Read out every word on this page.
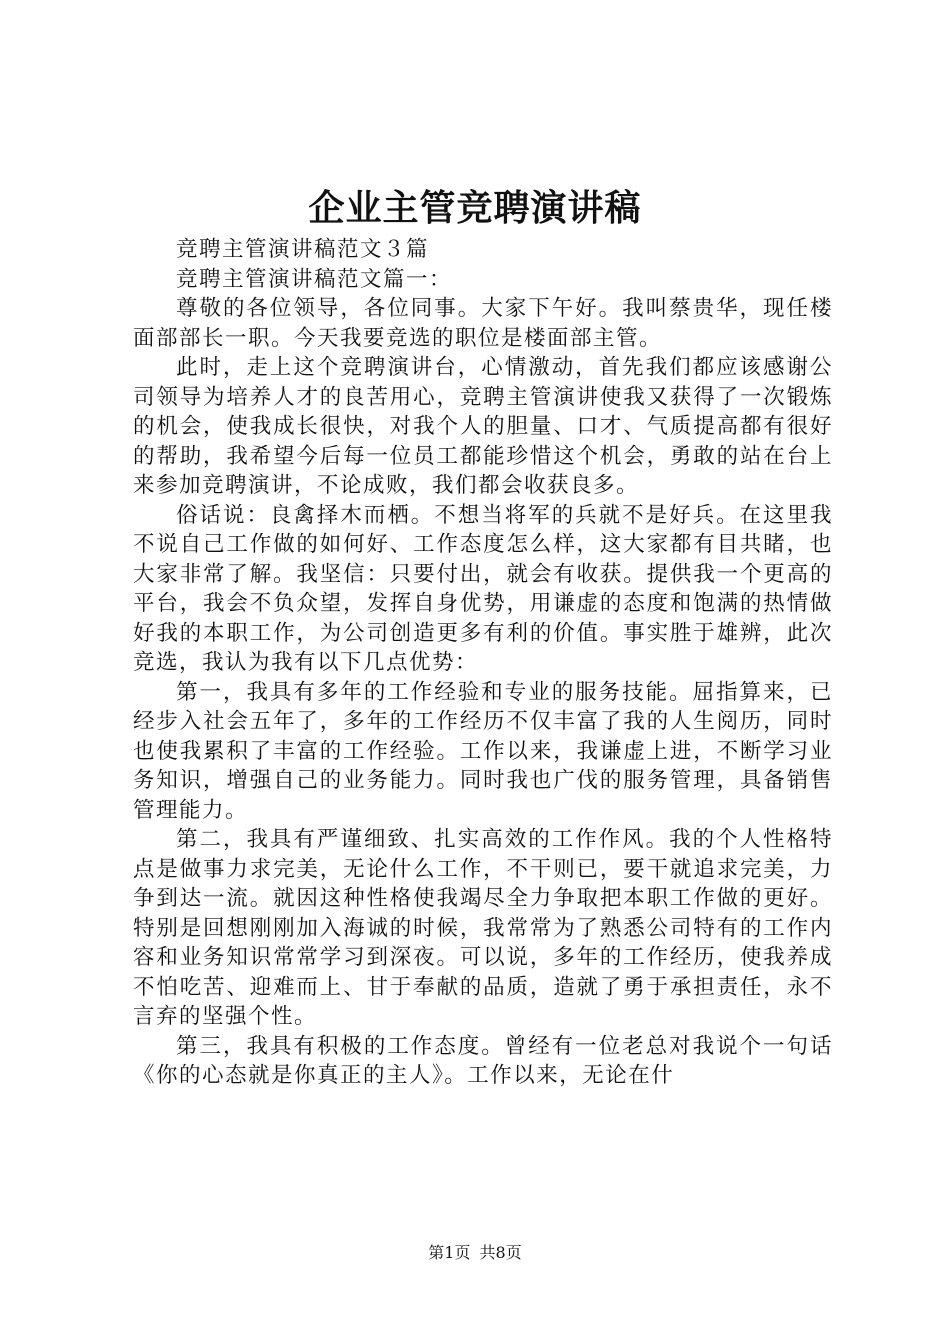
企业主管竞聘演讲稿

竞聘主管演讲稿范文３篇

竞聘主管演讲稿范文篇一：

尊敬的各位领导，各位同事。大家下午好。我叫蔡贵华，现任楼面部部长一职。今天我要竞选的职位是楼面部主管。

此时，走上这个竞聘演讲台，心情激动，首先我们都应该感谢公司领导为培养人才的良苦用心，竞聘主管演讲使我又获得了一次锻炼的机会，使我成长很快，对我个人的胆量、口才、气质提高都有很好的帮助，我希望今后每一位员工都能珍惜这个机会，勇敢的站在台上来参加竞聘演讲，不论成败，我们都会收获良多。

俗话说：良禽择木而栖。不想当将军的兵就不是好兵。在这里我不说自己工作做的如何好、工作态度怎么样，这大家都有目共睹，也大家非常了解。我坚信：只要付出，就会有收获。提供我一个更高的平台，我会不负众望，发挥自身优势，用谦虚的态度和饱满的热情做好我的本职工作，为公司创造更多有利的价值。事实胜于雄辨，此次竞选，我认为我有以下几点优势：

第一，我具有多年的工作经验和专业的服务技能。屈指算来，已经步入社会五年了，多年的工作经历不仅丰富了我的人生阅历，同时也使我累积了丰富的工作经验。工作以来，我谦虚上进，不断学习业务知识，增强自己的业务能力。同时我也广伐的服务管理，具备销售管理能力。

第二，我具有严谨细致、扎实高效的工作作风。我的个人性格特点是做事力求完美，无论什么工作，不干则已，要干就追求完美，力争到达一流。就因这种性格使我竭尽全力争取把本职工作做的更好。特别是回想刚刚加入海诚的时候，我常常为了熟悉公司特有的工作内容和业务知识常常学习到深夜。可以说，多年的工作经历，使我养成不怕吃苦、迎难而上、甘于奉献的品质，造就了勇于承担责任，永不言弃的坚强个性。

第三，我具有积极的工作态度。曾经有一位老总对我说个一句话《你的心态就是你真正的主人》。工作以来，无论在什

第1页 共8页
